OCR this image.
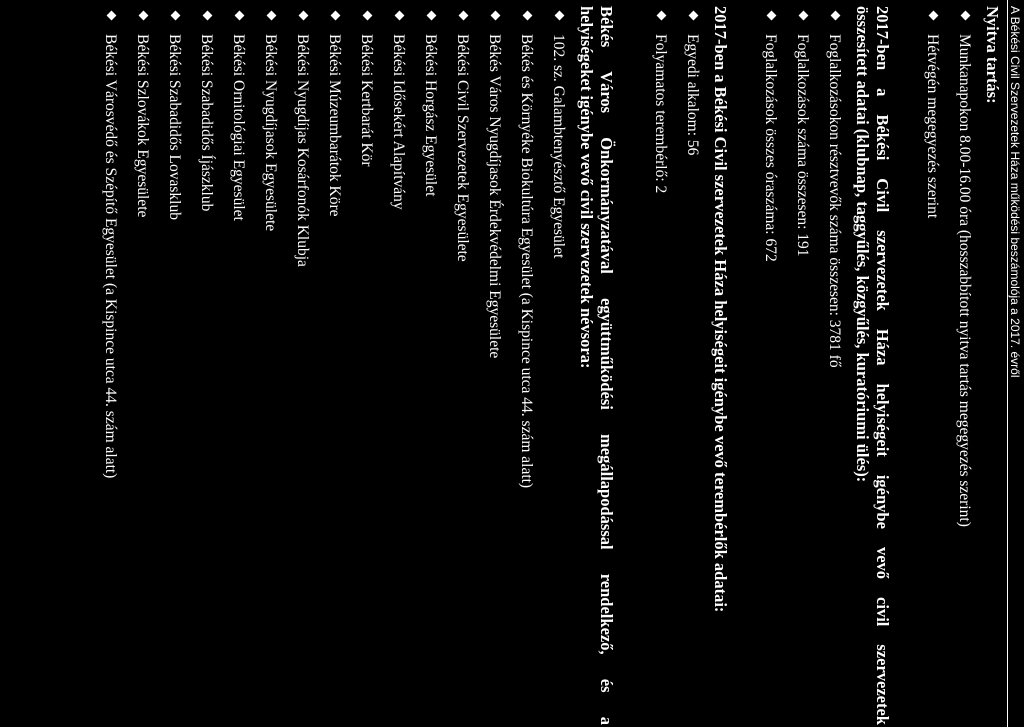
A Békési Civil Szervezetek Háza működési beszámolója a 2017. évről

Nyitva tartás:

Munkanapokon 8.00-16.00 óra (hosszabbított nyitva tartás megegyezés szerint)
Hétvégén megegyezés szerint

2017-ben a Békési Civil szervezetek Háza helyiségeit igénybe vevő civil szervezetek

összesített adatai (klubnap, taggyűlés, közgyűlés, kuratóriumi ülés):

Foglalkozásokon résztvevők száma összesen: 3781 fő
Foglalkozások száma összesen: 191
Foglalkozások összes óraszáma: 672

2017-ben a Békési Civil szervezetek Háza helyiségeit igénybe vevő terembérlők adatai:

Egyedi alkalom: 56
Folyamatos terembérlő: 2

Békés Város Önkormányzatával együttműködési megállapodással rendelkező, és a

helyiségeket igénybe vevő civil szervezetek névsora:

102. sz. Galambtenyésztő Egyesület
Békés és Környéke Biokultúra Egyesület (a Kispince utca 44. szám alatt)
Békés Város Nyugdíjasok Érdekvédelmi Egyesülete
Békési Civil Szervezetek Egyesülete
Békési Horgász Egyesület
Békési Idősekért Alapítvány
Békési Kertbarát Kör
Békési Múzeumbarátok Köre
Békési Nyugdíjas Kosárfonók Klubja
Békési Nyugdíjasok Egyesülete
Békési Ornitológiai Egyesület
Békési Szabadidős Íjászklub
Békési Szabadidős Lovasklub
Békési Szlovákok Egyesülete
Békési Városvédő és Szépítő Egyesület (a Kispince utca 44. szám alatt)
